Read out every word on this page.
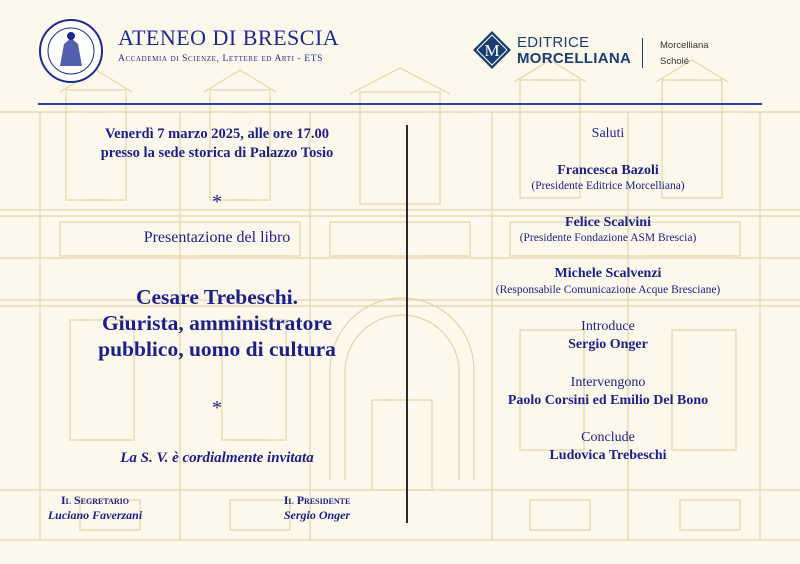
ATENEO DI BRESCIA
Accademia di Scienze, Lettere ed Arti - ETS	M EDITRICE
MORCELLIANA
Morcelliana
Scholé
Venerdì 7 marzo 2025, alle ore 17.00
presso la sede storica di Palazzo Tosio
*
Presentazione del libro
Cesare Trebeschi.
Giurista, amministratore
pubblico, uomo di cultura
*
La S. V. è cordialmente invitata
Il Segretario
Luciano Faverzani
Il Presidente
Sergio Onger
Saluti
Francesca Bazoli
(Presidente Editrice Morcelliana)
Felice Scalvini
(Presidente Fondazione ASM Brescia)
Michele Scalvenzi
(Responsabile Comunicazione Acque Bresciane)
Introduce
Sergio Onger
Intervengono
Paolo Corsini ed Emilio Del Bono
Conclude
Ludovica Trebeschi
